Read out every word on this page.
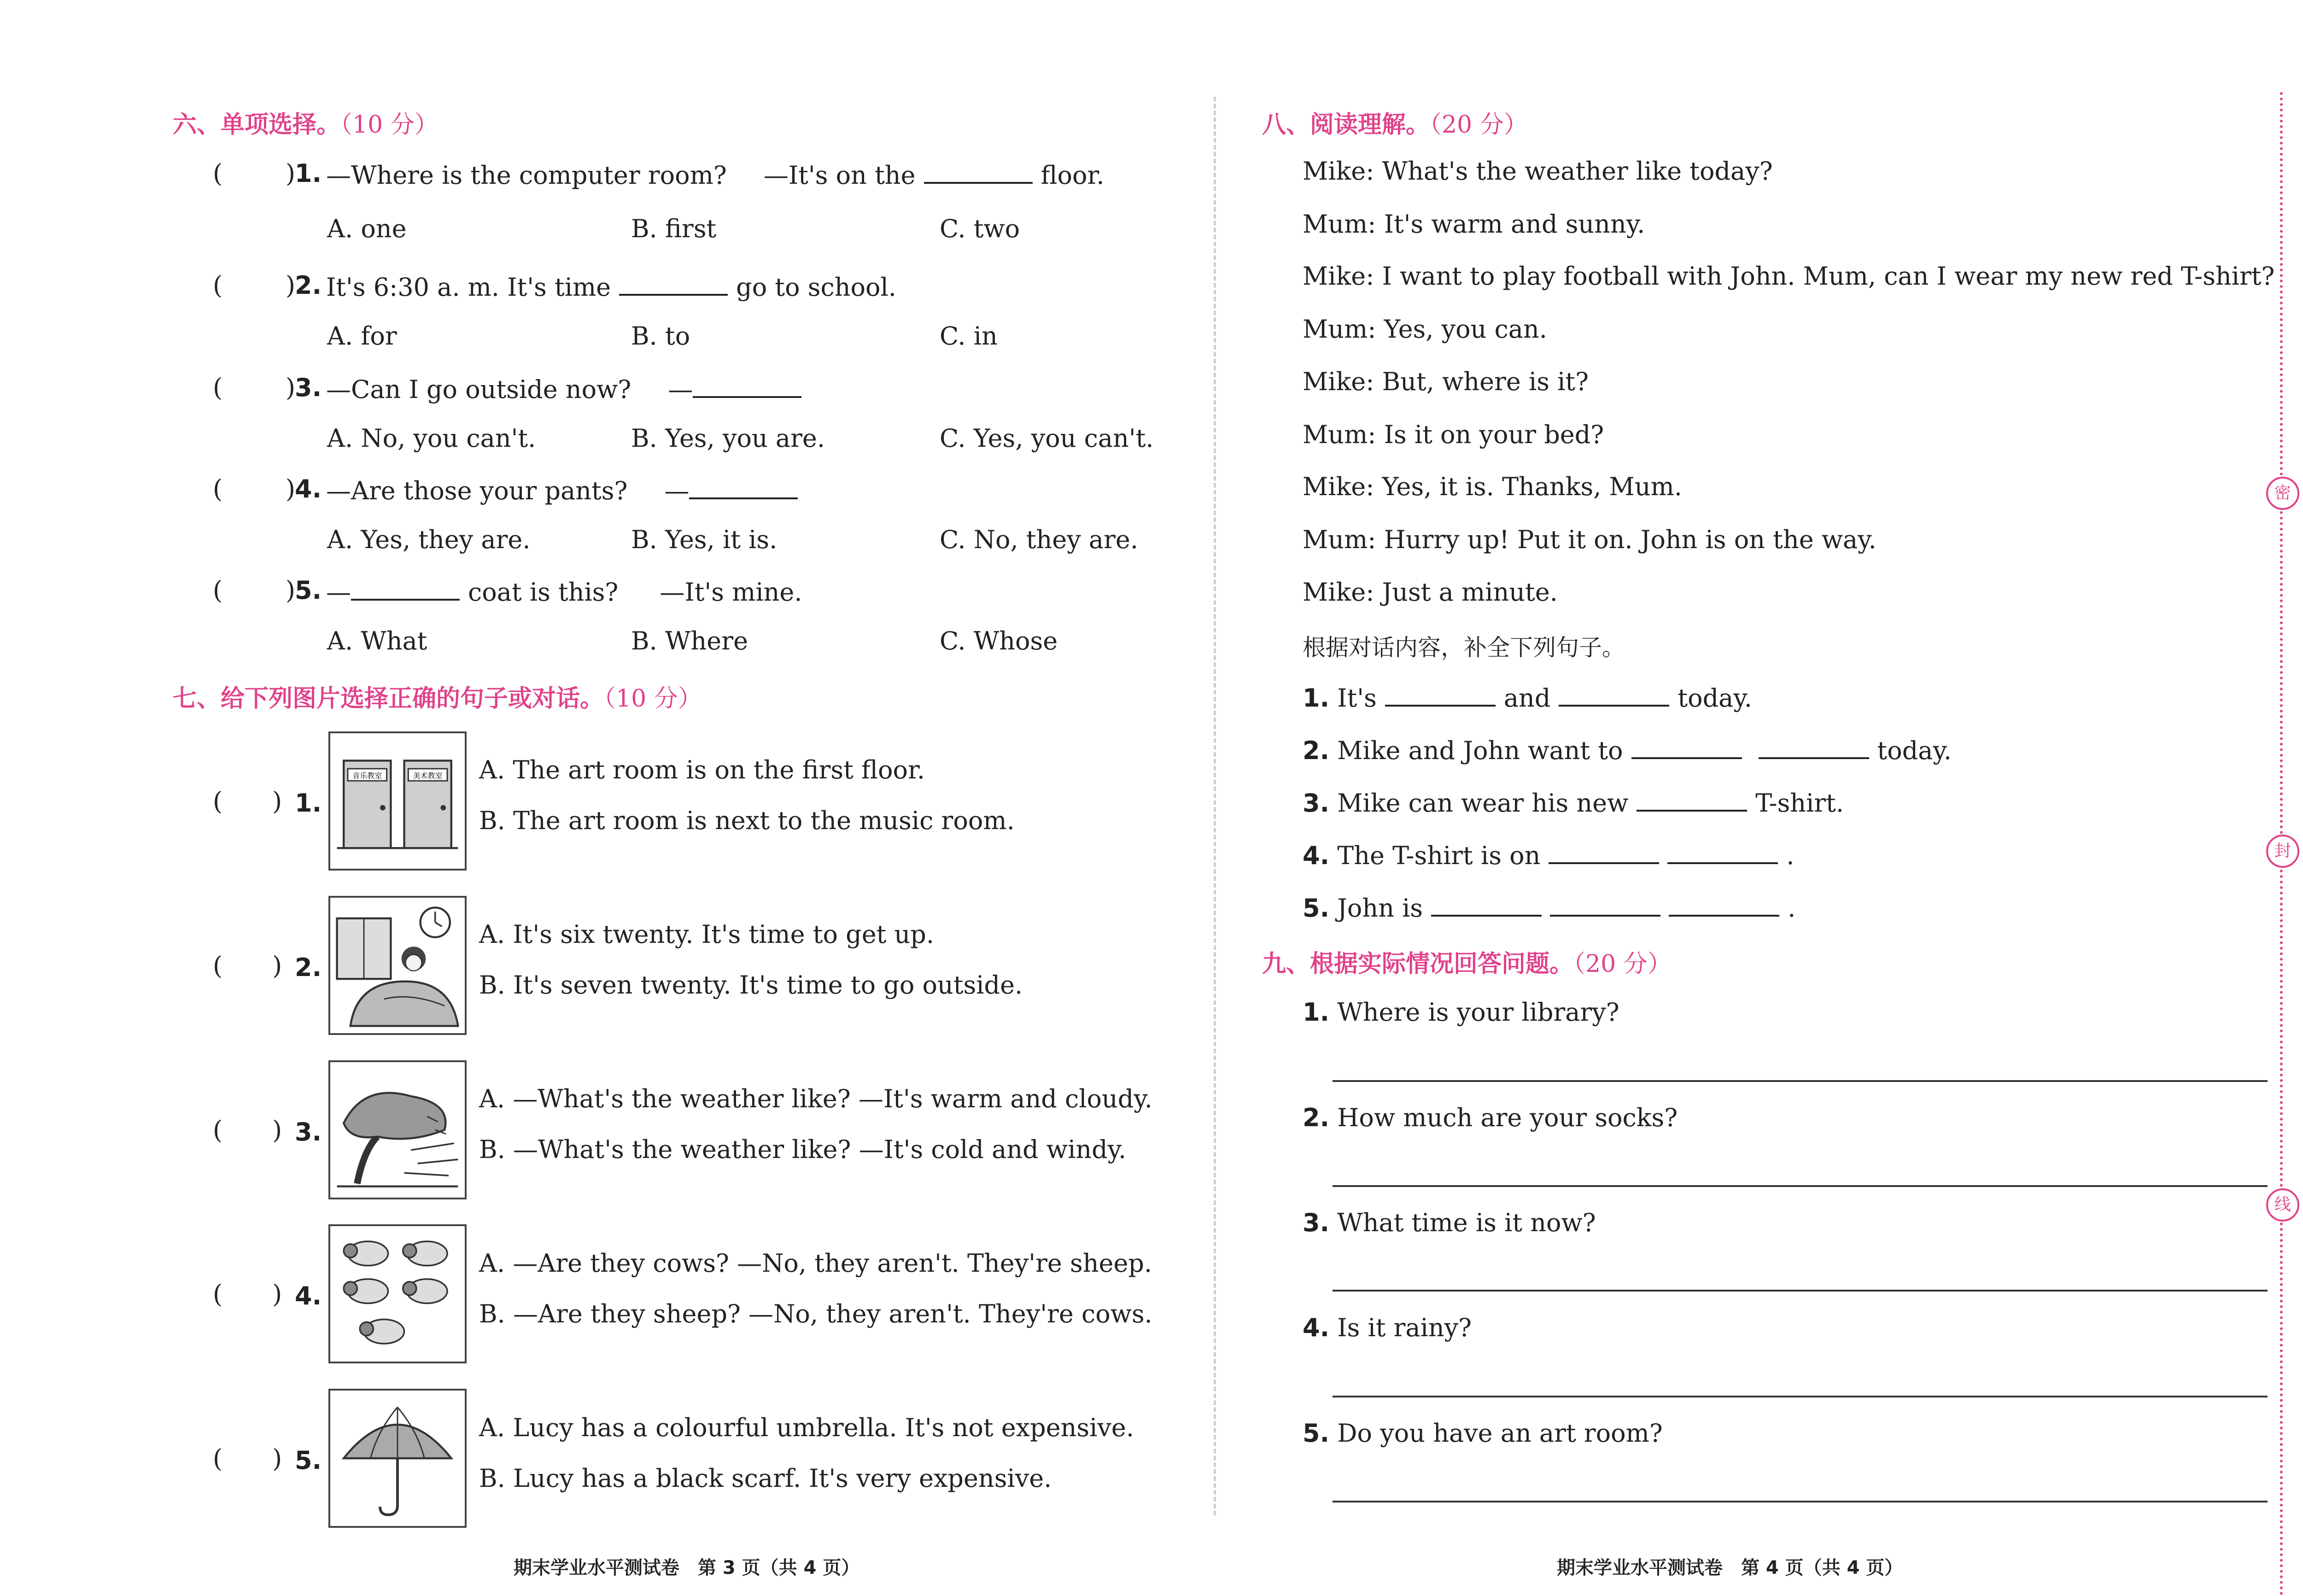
六、单项选择。（10 分）
(	)
1. —Where is the computer room? —It's on the	floor.
A. one	B. first	C. two
(	)
2. It's 6:30 a. m. It's time	go to school.
A. for	B. to	C. in
(	)
3. —Can I go outside now? —
A. No, you can't.	B. Yes, you are.	C. Yes, you can't.
(	)
4. —Are those your pants? —
A. Yes, they are.	B. Yes, it is.	C. No, they are.
(	)
5. —	coat is this? —It's mine.
A. What	B. Where	C. Whose
七、给下列图片选择正确的句子或对话。（10 分）
(  ) 1.
音乐教室	美术教室 A. The art room is on the first floor.
B. The art room is next to the music room.
(  ) 2.
A. It's six twenty. It's time to get up.
B. It's seven twenty. It's time to go outside.
(  ) 3.
A. —What's the weather like? —It's warm and cloudy.
B. —What's the weather like? —It's cold and windy.
(  ) 4.
A. —Are they cows? —No, they aren't. They're sheep.
B. —Are they sheep? —No, they aren't. They're cows.
(  ) 5.
A. Lucy has a colourful umbrella. It's not expensive.
B. Lucy has a black scarf. It's very expensive.
期末学业水平测试卷　第 3 页（共 4 页）
八、阅读理解。（20 分）
Mike: What's the weather like today?
Mum: It's warm and sunny.
Mike: I want to play football with John. Mum, can I wear my new red T-shirt?
Mum: Yes, you can.
Mike: But, where is it?
Mum: Is it on your bed?
Mike: Yes, it is. Thanks, Mum.
Mum: Hurry up! Put it on. John is on the way.
Mike: Just a minute.
根据对话内容，补全下列句子。
1. It's	and	today.
2. Mike and John want to	today.
3. Mike can wear his new	T-shirt.
4. The T-shirt is on	.
5. John is	.
九、根据实际情况回答问题。（20 分）
1. Where is your library?
2. How much are your socks?
3. What time is it now?
4. Is it rainy?
5. Do you have an art room?
期末学业水平测试卷　第 4 页（共 4 页）
密
封
线
